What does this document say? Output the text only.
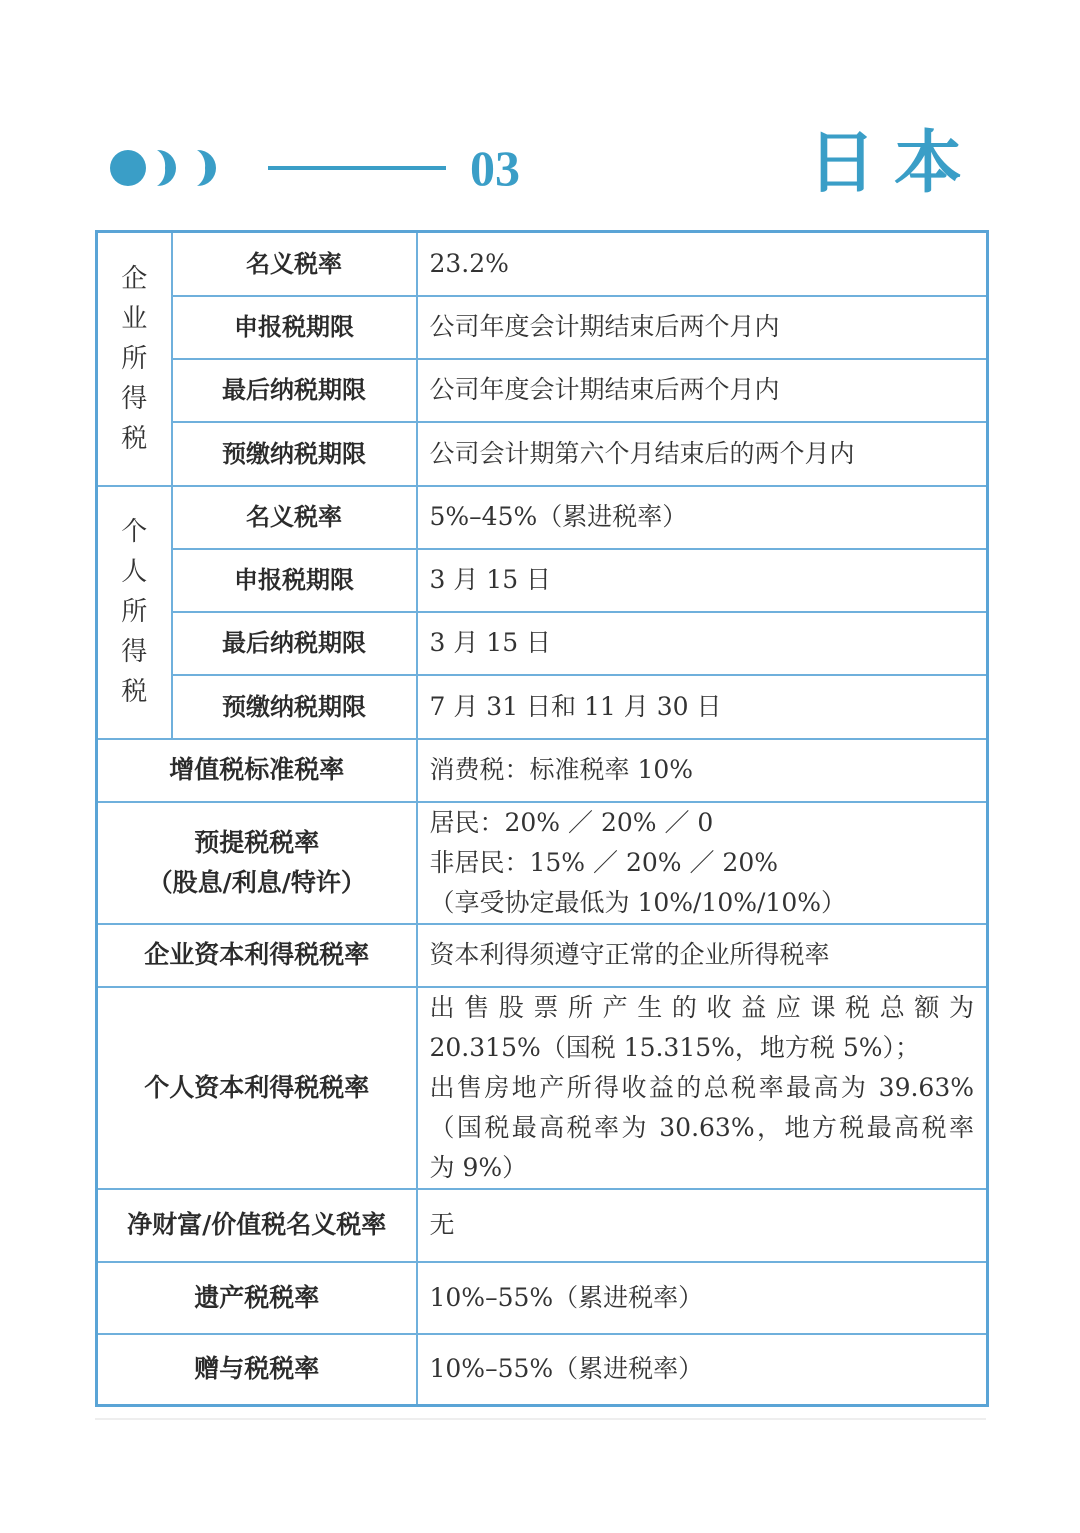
03	日本
企
业
所
得
税	名义税率	23.2%
	申报税期限	公司年度会计期结束后两个月内
	最后纳税期限	公司年度会计期结束后两个月内
	预缴纳税期限	公司会计期第六个月结束后的两个月内

个
人
所
得
税	名义税率	5%–45%（累进税率）
	申报税期限	3 月 15 日
	最后纳税期限	3 月 15 日
	预缴纳税期限	7 月 31 日和 11 月 30 日
增值税标准税率		消费税：标准税率 10%

预提税税率
（股息/利息/特许）		居民：20% ／ 20% ／ 0
非居民：15% ／ 20% ／ 20%
（享受协定最低为 10%/10%/10%）

企业资本利得税税率		资本利得须遵守正常的企业所得税率
个人资本利得税税率		出售股票所产生的收益应课税总额为
20.315%（国税 15.315%，地方税 5%）；
出售房地产所得收益的总税率最高为 39.63%
（国税最高税率为 30.63%，地方税最高税率
为 9%）

净财富/价值税名义税率		无
遗产税税率		10%–55%（累进税率）
赠与税税率		10%–55%（累进税率）
